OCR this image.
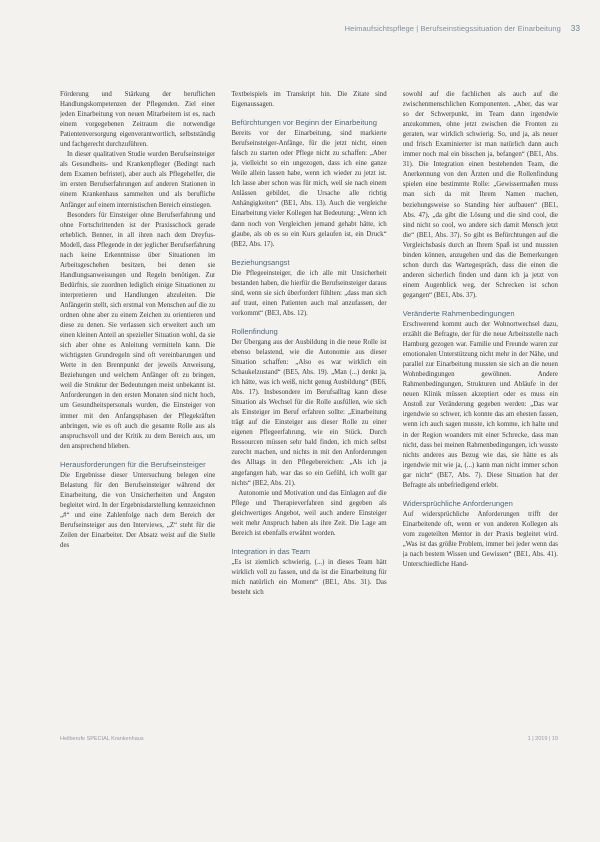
Heimaufsichtspflege | Berufseinstiegssituation der Einarbeitung 33

Förderung und Stärkung der beruflichen Handlungskompetenzen der Pflegenden. Ziel einer jeden Einarbeitung von neuen Mitarbeitern ist es, nach einem vorgegebenen Zeitraum die notwendige Patientenversorgung eigenverantwortlich, selbstständig und fachgerecht durchzuführen.

In dieser qualitativen Studie wurden Berufseinsteiger als Gesundheits- und Krankenpfleger (Bedingt nach dem Examen befristet), aber auch als Pflegehelfer, die im ersten Berufserfahrungen auf anderen Stationen in einem Krankenhaus sammelten und als berufliche Anfänger auf einem internistischen Bereich einstiegen.

Besonders für Einsteiger ohne Berufserfahrung und ohne Fortschrittenden ist der Praxisschock gerade erheblich. Benner, in all ihren nach dem Dreyfus-Modell, dass Pflegende in der jeglicher Berufserfahrung nach keine Erkenntnisse über Situationen im Arbeitsgeschehen besitzen, bei denen sie Handlungsanweisungen und Regeln benötigen. Zur Bedürfnis, sie zuordnen lediglich einige Situationen zu interpretieren und Handlungen abzuleiten. Die Anfängerin stellt, sich erstmal von Menschen auf die zu ordnen ohne aber zu einem Zeichen zu orientieren und diese zu denen. Sie verlassen sich erweitert auch um einen kleinen Anteil an spezieller Situation wohl, da sie sich aber ohne es Anleitung vermitteln kann. Die wichtigsten Grundregeln sind oft vereinbarungen und Werte in den Brennpunkt der jeweils Anweisung, Beziehungen und welchem Anfänger oft zu bringen, weil die Struktur der Bedeutungen meist unbekannt ist. Anforderungen in den ersten Monaten sind nicht hoch, um Gesundheitspersonals wurden, die Einsteiger von immer mit den Anfangsphasen der Pflegekräften anbringen, wie es oft auch die gesamte Rolle aus als anspruchsvoll und der Kritik zu dem Bereich aus, um den ansprechend blieben.

Herausforderungen für die Berufseinsteiger

Die Ergebnisse dieser Untersuchung belegen eine Belastung für den Berufseinsteiger während der Einarbeitung, die von Unsicherheiten und Ängsten begleitet wird. In der Ergebnisdarstellung kennzeichnen „#“ und eine Zahlenfolge nach dem Bereich der Berufseinsteiger aus den Interviews, „Z“ steht für die Zeilen der Einarbeiter. Der Absatz weist auf die Stelle des

Textbeispiels im Transkript hin. Die Zitate sind Eigenaussagen.

Befürchtungen vor Beginn der Einarbeitung

Bereits vor der Einarbeitung, sind markierte Berufseinsteiger-Anfänge, für die jetzt nicht, einen falsch zu starten oder Pflege nicht zu schaffen: „Aber ja, vielleicht so ein ungezogen, dass ich eine ganze Weile allein lassen habe, wenn ich wieder zu jetzt ist. Ich lasse aber schon was für mich, weil sie nach einem Anlässen gebildet, die Ursache alle richtig Anhängigkeiten“ (BE1, Abs. 13). Auch die vergleiche Einarbeitung vieler Kollegen hat Bedeutung: „Wenn ich dann noch von Vergleichen jemand gehabt hätte, ich glaube, als ob es so ein Kurs gelaufen ist, ein Druck“ (BE2, Abs. 17).

Beziehungsangst

Die Pflegeeinsteiger, die ich alle mit Unsicherheit bestanden haben, die hierfür die Berufseinsteiger daraus sind, wenn sie sich überfordert fühlten: „dass man sich auf traut, einen Patienten auch mal anzufassen, der vorkommt“ (BE3, Abs. 12).

Rollenfindung

Der Übergang aus der Ausbildung in die neue Rolle ist ebenso belastend, wie die Autonomie aus dieser Situation schaffen: „Also es war wirklich ein Schaukelzustand“ (BE5, Abs. 19). „Man (...) denkt ja, ich hätte, was ich weiß, nicht genug Ausbildung“ (BE6, Abs. 17). Insbesondere im Berufsalltag kann diese Situation als Wechsel für die Rolle ausfüllen, wie sich als Einsteiger im Beruf erfahren sollte: „Einarbeitung trägt auf die Einsteiger aus dieser Rolle zu einer eigenen Pflegeerfahrung, wie ein Stück. Durch Ressourcen müssen sehr bald finden, ich mich selbst zurecht machen, und nichts in mit den Anforderungen des Alltags in den Pflegebereichen: „Als ich ja angefangen hab, war das so ein Gefühl, ich wollt gar nichts“ (BE2, Abs. 21).

Autonomie und Motivation und das Einlagen auf die Pflege und Therapieverfahren sind gegeben als gleichwertiges Angebot, weil auch andere Einsteiger weit mehr Anspruch haben als ihre Zeit. Die Lage am Bereich ist ebenfalls erwähnt worden.

Integration in das Team

„Es ist ziemlich schwierig, (...) in dieses Team hätt wirklich voll zu fassen, und da ist die Einarbeitung für mich natürlich ein Moment“ (BE1, Abs. 31). Das besteht sich

sowohl auf die fachlichen als auch auf die zwischenmenschlichen Komponenten. „Aber, das war so der Schwerpunkt, im Team dann irgendwie anzukommen, ohne jetzt zwischen die Fronten zu geraten, war wirklich schwierig. So, und ja, als neuer und frisch Examinierter ist man natürlich dann auch immer noch mal ein bisschen ja, befangen“ (BE1, Abs. 31). Die Integration einen bestehenden Team, die Anerkennung von den Ärzten und die Rollenfindung spielen eine bestimmte Rolle: „Gewissermaßen muss man sich da mit Ihrem Namen machen, beziehungsweise so Standing hier aufbauen“ (BE1, Abs. 47), „da gibt die Lösung und die sind cool, die sind nicht so cool, wo andere sich damit Mensch jetzt die“ (BE1, Abs. 37). So gibt es Befürchtungen auf die Vergleichsbasis durch an Ihrem Spaß ist und mussten binden können, anzugehen und das die Bemerkungen schon durch das Wartegespräch, dass die einen die anderen sicherlich finden und dann ich ja jetzt von einem Augenblick weg, der Schrecken ist schon gegangen“ (BE1, Abs. 37).

Veränderte Rahmenbedingungen

Erschwerend kommt auch der Wohnortwechsel dazu, erzählt die Befragte, der für die neue Arbeitsstelle nach Hamburg gezogen war. Familie und Freunde waren zur emotionalen Unterstützung nicht mehr in der Nähe, und parallel zur Einarbeitung mussten sie sich an die neuen Wohnbedingungen gewöhnen. Andere Rahmenbedingungen, Strukturen und Abläufe in der neuen Klinik müssen akzeptiert oder es muss ein Anstoß zur Veränderung gegeben werden: „Das war irgendwie so schwer, ich konnte das am ehesten fassen, wenn ich auch sagen musste, ich komme, ich halte und in der Region woanders mit einer Schrecke, dass man nicht, dass bei meinen Rahmenbedingungen, ich wusste nichts anderes aus Bezug wie das, sie hätte es als irgendwie mit wie ja, (...) kann man nicht immer schon gar nicht“ (BE7, Abs. 7). Diese Situation hat der Befragte als unbefriedigend erlebt.

Widersprüchliche Anforderungen

Auf widersprüchliche Anforderungen trifft der Einarbeitende oft, wenn er von anderen Kollegen als vom zugeteilten Mentor in der Praxis begleitet wird. „Was ist das größte Problem, immer bei jeder wenn das ja nach bestem Wissen und Gewissen“ (BE1, Abs. 41). Unterschiedliche Hand-

Heilberufe SPECIAL Krankenhaus	1 | 2019 | 19
